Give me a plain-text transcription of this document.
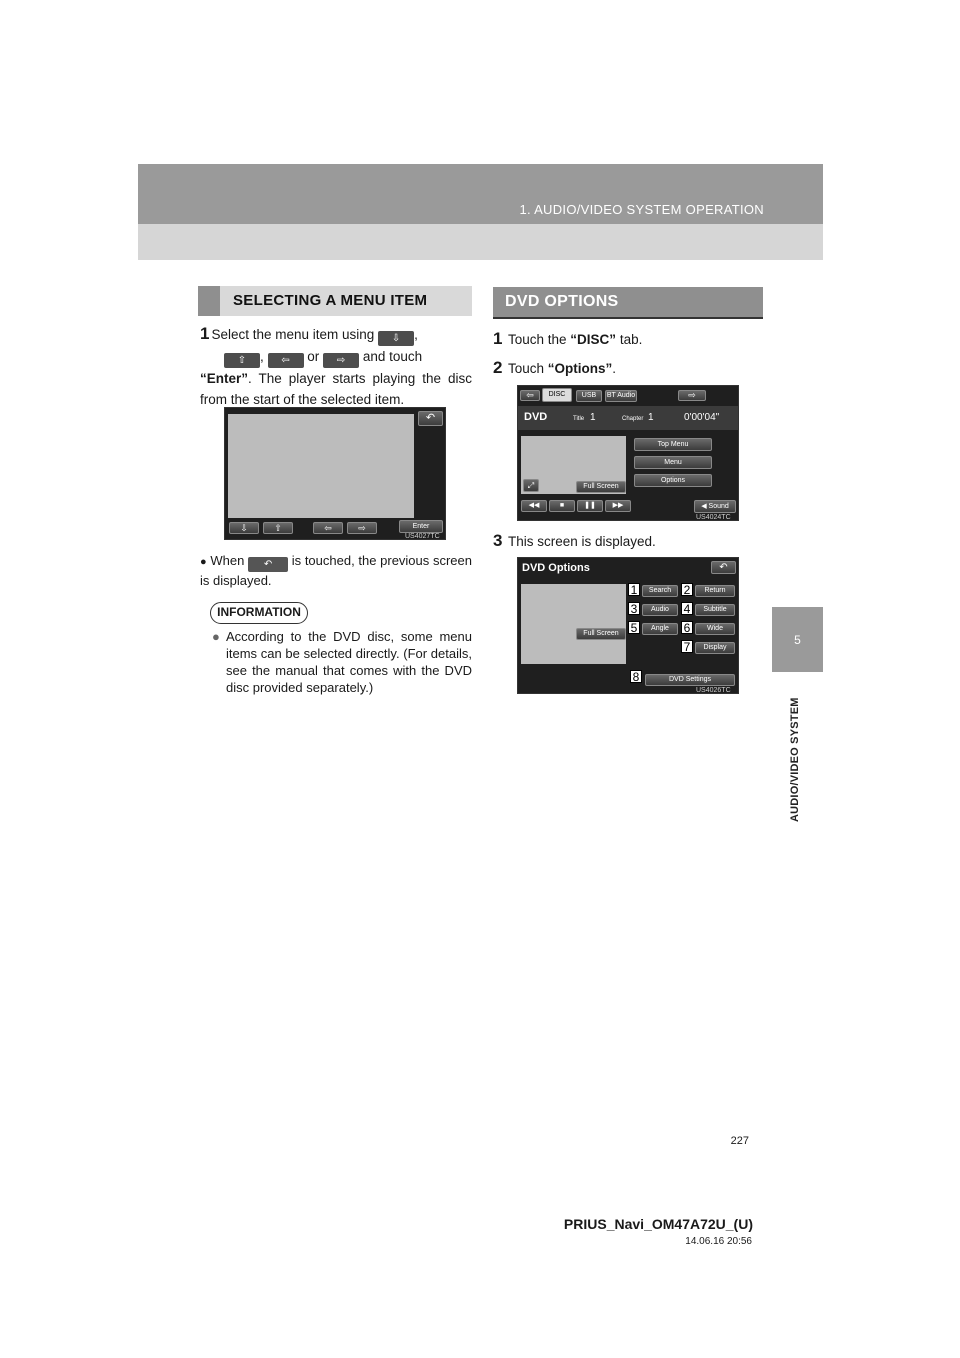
1. AUDIO/VIDEO SYSTEM OPERATION
5
AUDIO/VIDEO SYSTEM
SELECTING A MENU ITEM
1 Select the menu item using ⇩ ,
⇧ , ⇦ or ⇨ and touch
“Enter”. The player starts playing the disc from the start of the selected item.
↶
⇩	⇧	⇦	⇨	Enter
US4027TC
● When ↶ is touched, the previous screen is displayed.
INFORMATION
● According to the DVD disc, some menu items can be selected directly. (For details, see the manual that comes with the DVD disc provided separately.)
DVD OPTIONS
1 Touch the “DISC” tab.
2 Touch “Options”.
⇦	DISC	USB	BT Audio	⇨
DVD	Title 1	Chapter 1	0'00'04"
⤢	Full Screen
Top Menu
Menu
Options
◀◀	■	❚❚	▶▶	◀ Sound
US4024TC
3 This screen is displayed.
DVD Options	↶
Full Screen
1	Search	2	Return
3	Audio	4	Subtitle
5	Angle	6	Wide
7	Display
8	DVD Settings
US4026TC
227
PRIUS_Navi_OM47A72U_(U)
14.06.16 20:56
